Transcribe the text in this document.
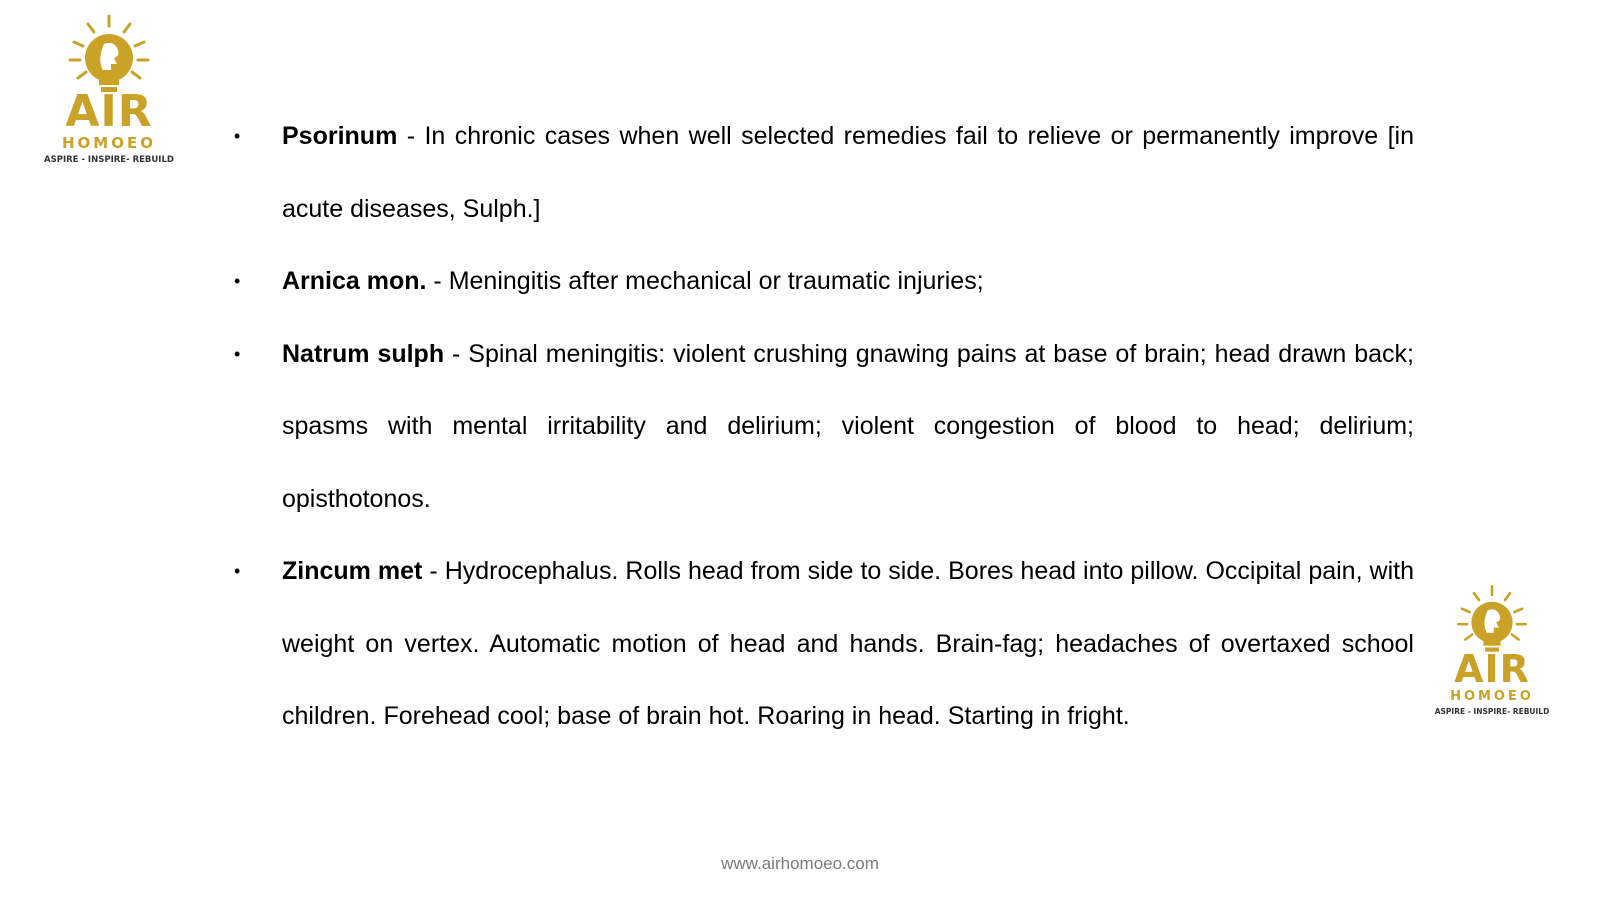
AIR
HOMOEO
ASPIRE - INSPIRE- REBUILD
• Psorinum - In chronic cases when well selected remedies fail to relieve or permanently improve [in acute diseases, Sulph.]
• Arnica mon. - Meningitis after mechanical or traumatic injuries;
• Natrum sulph - Spinal meningitis: violent crushing gnawing pains at base of brain; head drawn back; spasms with mental irritability and delirium; violent congestion of blood to head; delirium; opisthotonos.
• Zincum met - Hydrocephalus. Rolls head from side to side. Bores head into pillow. Occipital pain, with weight on vertex. Automatic motion of head and hands. Brain-fag; headaches of overtaxed school children. Forehead cool; base of brain hot. Roaring in head. Starting in fright.
AIR
HOMOEO
ASPIRE - INSPIRE- REBUILD
www.airhomoeo.com
